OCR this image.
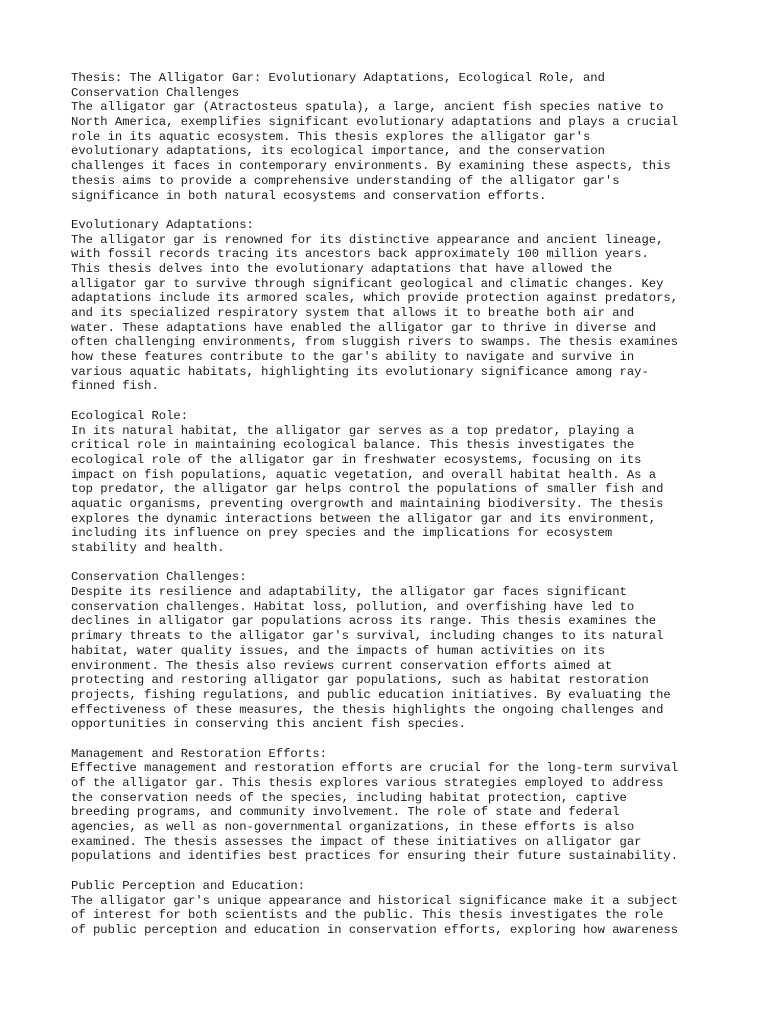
Thesis: The Alligator Gar: Evolutionary Adaptations, Ecological Role, and
Conservation Challenges
The alligator gar (Atractosteus spatula), a large, ancient fish species native to
North America, exemplifies significant evolutionary adaptations and plays a crucial
role in its aquatic ecosystem. This thesis explores the alligator gar's
evolutionary adaptations, its ecological importance, and the conservation
challenges it faces in contemporary environments. By examining these aspects, this
thesis aims to provide a comprehensive understanding of the alligator gar's
significance in both natural ecosystems and conservation efforts.
Evolutionary Adaptations:
The alligator gar is renowned for its distinctive appearance and ancient lineage,
with fossil records tracing its ancestors back approximately 100 million years.
This thesis delves into the evolutionary adaptations that have allowed the
alligator gar to survive through significant geological and climatic changes. Key
adaptations include its armored scales, which provide protection against predators,
and its specialized respiratory system that allows it to breathe both air and
water. These adaptations have enabled the alligator gar to thrive in diverse and
often challenging environments, from sluggish rivers to swamps. The thesis examines
how these features contribute to the gar's ability to navigate and survive in
various aquatic habitats, highlighting its evolutionary significance among ray-
finned fish.
Ecological Role:
In its natural habitat, the alligator gar serves as a top predator, playing a
critical role in maintaining ecological balance. This thesis investigates the
ecological role of the alligator gar in freshwater ecosystems, focusing on its
impact on fish populations, aquatic vegetation, and overall habitat health. As a
top predator, the alligator gar helps control the populations of smaller fish and
aquatic organisms, preventing overgrowth and maintaining biodiversity. The thesis
explores the dynamic interactions between the alligator gar and its environment,
including its influence on prey species and the implications for ecosystem
stability and health.
Conservation Challenges:
Despite its resilience and adaptability, the alligator gar faces significant
conservation challenges. Habitat loss, pollution, and overfishing have led to
declines in alligator gar populations across its range. This thesis examines the
primary threats to the alligator gar's survival, including changes to its natural
habitat, water quality issues, and the impacts of human activities on its
environment. The thesis also reviews current conservation efforts aimed at
protecting and restoring alligator gar populations, such as habitat restoration
projects, fishing regulations, and public education initiatives. By evaluating the
effectiveness of these measures, the thesis highlights the ongoing challenges and
opportunities in conserving this ancient fish species.
Management and Restoration Efforts:
Effective management and restoration efforts are crucial for the long-term survival
of the alligator gar. This thesis explores various strategies employed to address
the conservation needs of the species, including habitat protection, captive
breeding programs, and community involvement. The role of state and federal
agencies, as well as non-governmental organizations, in these efforts is also
examined. The thesis assesses the impact of these initiatives on alligator gar
populations and identifies best practices for ensuring their future sustainability.
Public Perception and Education:
The alligator gar's unique appearance and historical significance make it a subject
of interest for both scientists and the public. This thesis investigates the role
of public perception and education in conservation efforts, exploring how awareness
